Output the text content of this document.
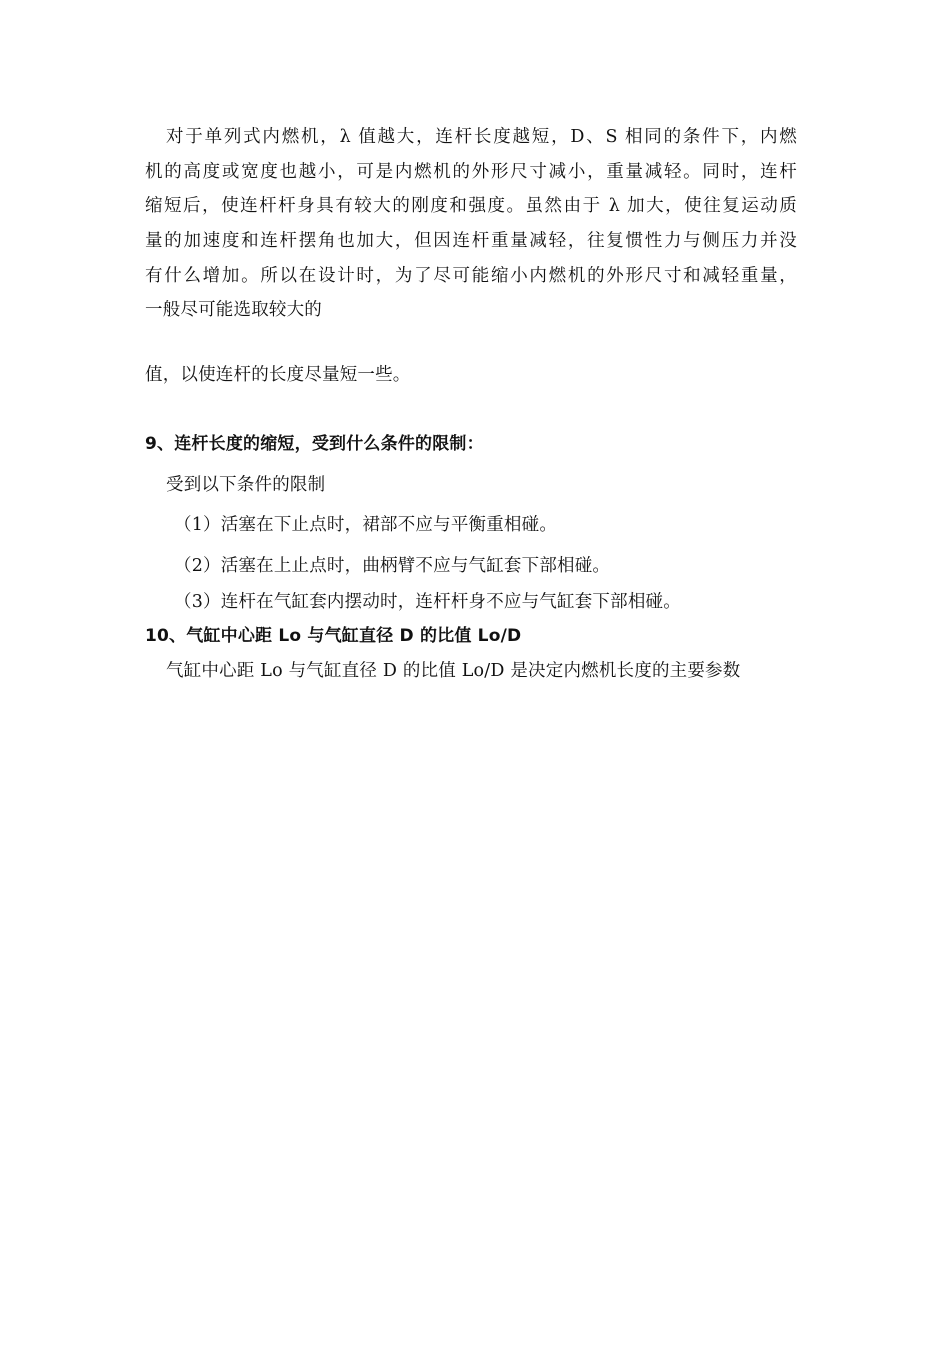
对于单列式内燃机，λ 值越大，连杆长度越短，D、S 相同的条件下，内燃
机的高度或宽度也越小，可是内燃机的外形尺寸减小，重量减轻。同时，连杆
缩短后，使连杆杆身具有较大的刚度和强度。虽然由于 λ 加大，使往复运动质
量的加速度和连杆摆角也加大，但因连杆重量减轻，往复惯性力与侧压力并没
有什么增加。所以在设计时，为了尽可能缩小内燃机的外形尺寸和减轻重量，
一般尽可能选取较大的
值，以使连杆的长度尽量短一些。
9、连杆长度的缩短，受到什么条件的限制：
受到以下条件的限制
（1）活塞在下止点时，裙部不应与平衡重相碰。
（2）活塞在上止点时，曲柄臂不应与气缸套下部相碰。
（3）连杆在气缸套内摆动时，连杆杆身不应与气缸套下部相碰。
10、气缸中心距 Lo 与气缸直径 D 的比值 Lo/D
气缸中心距 Lo 与气缸直径 D 的比值 Lo/D 是决定内燃机长度的主要参数
